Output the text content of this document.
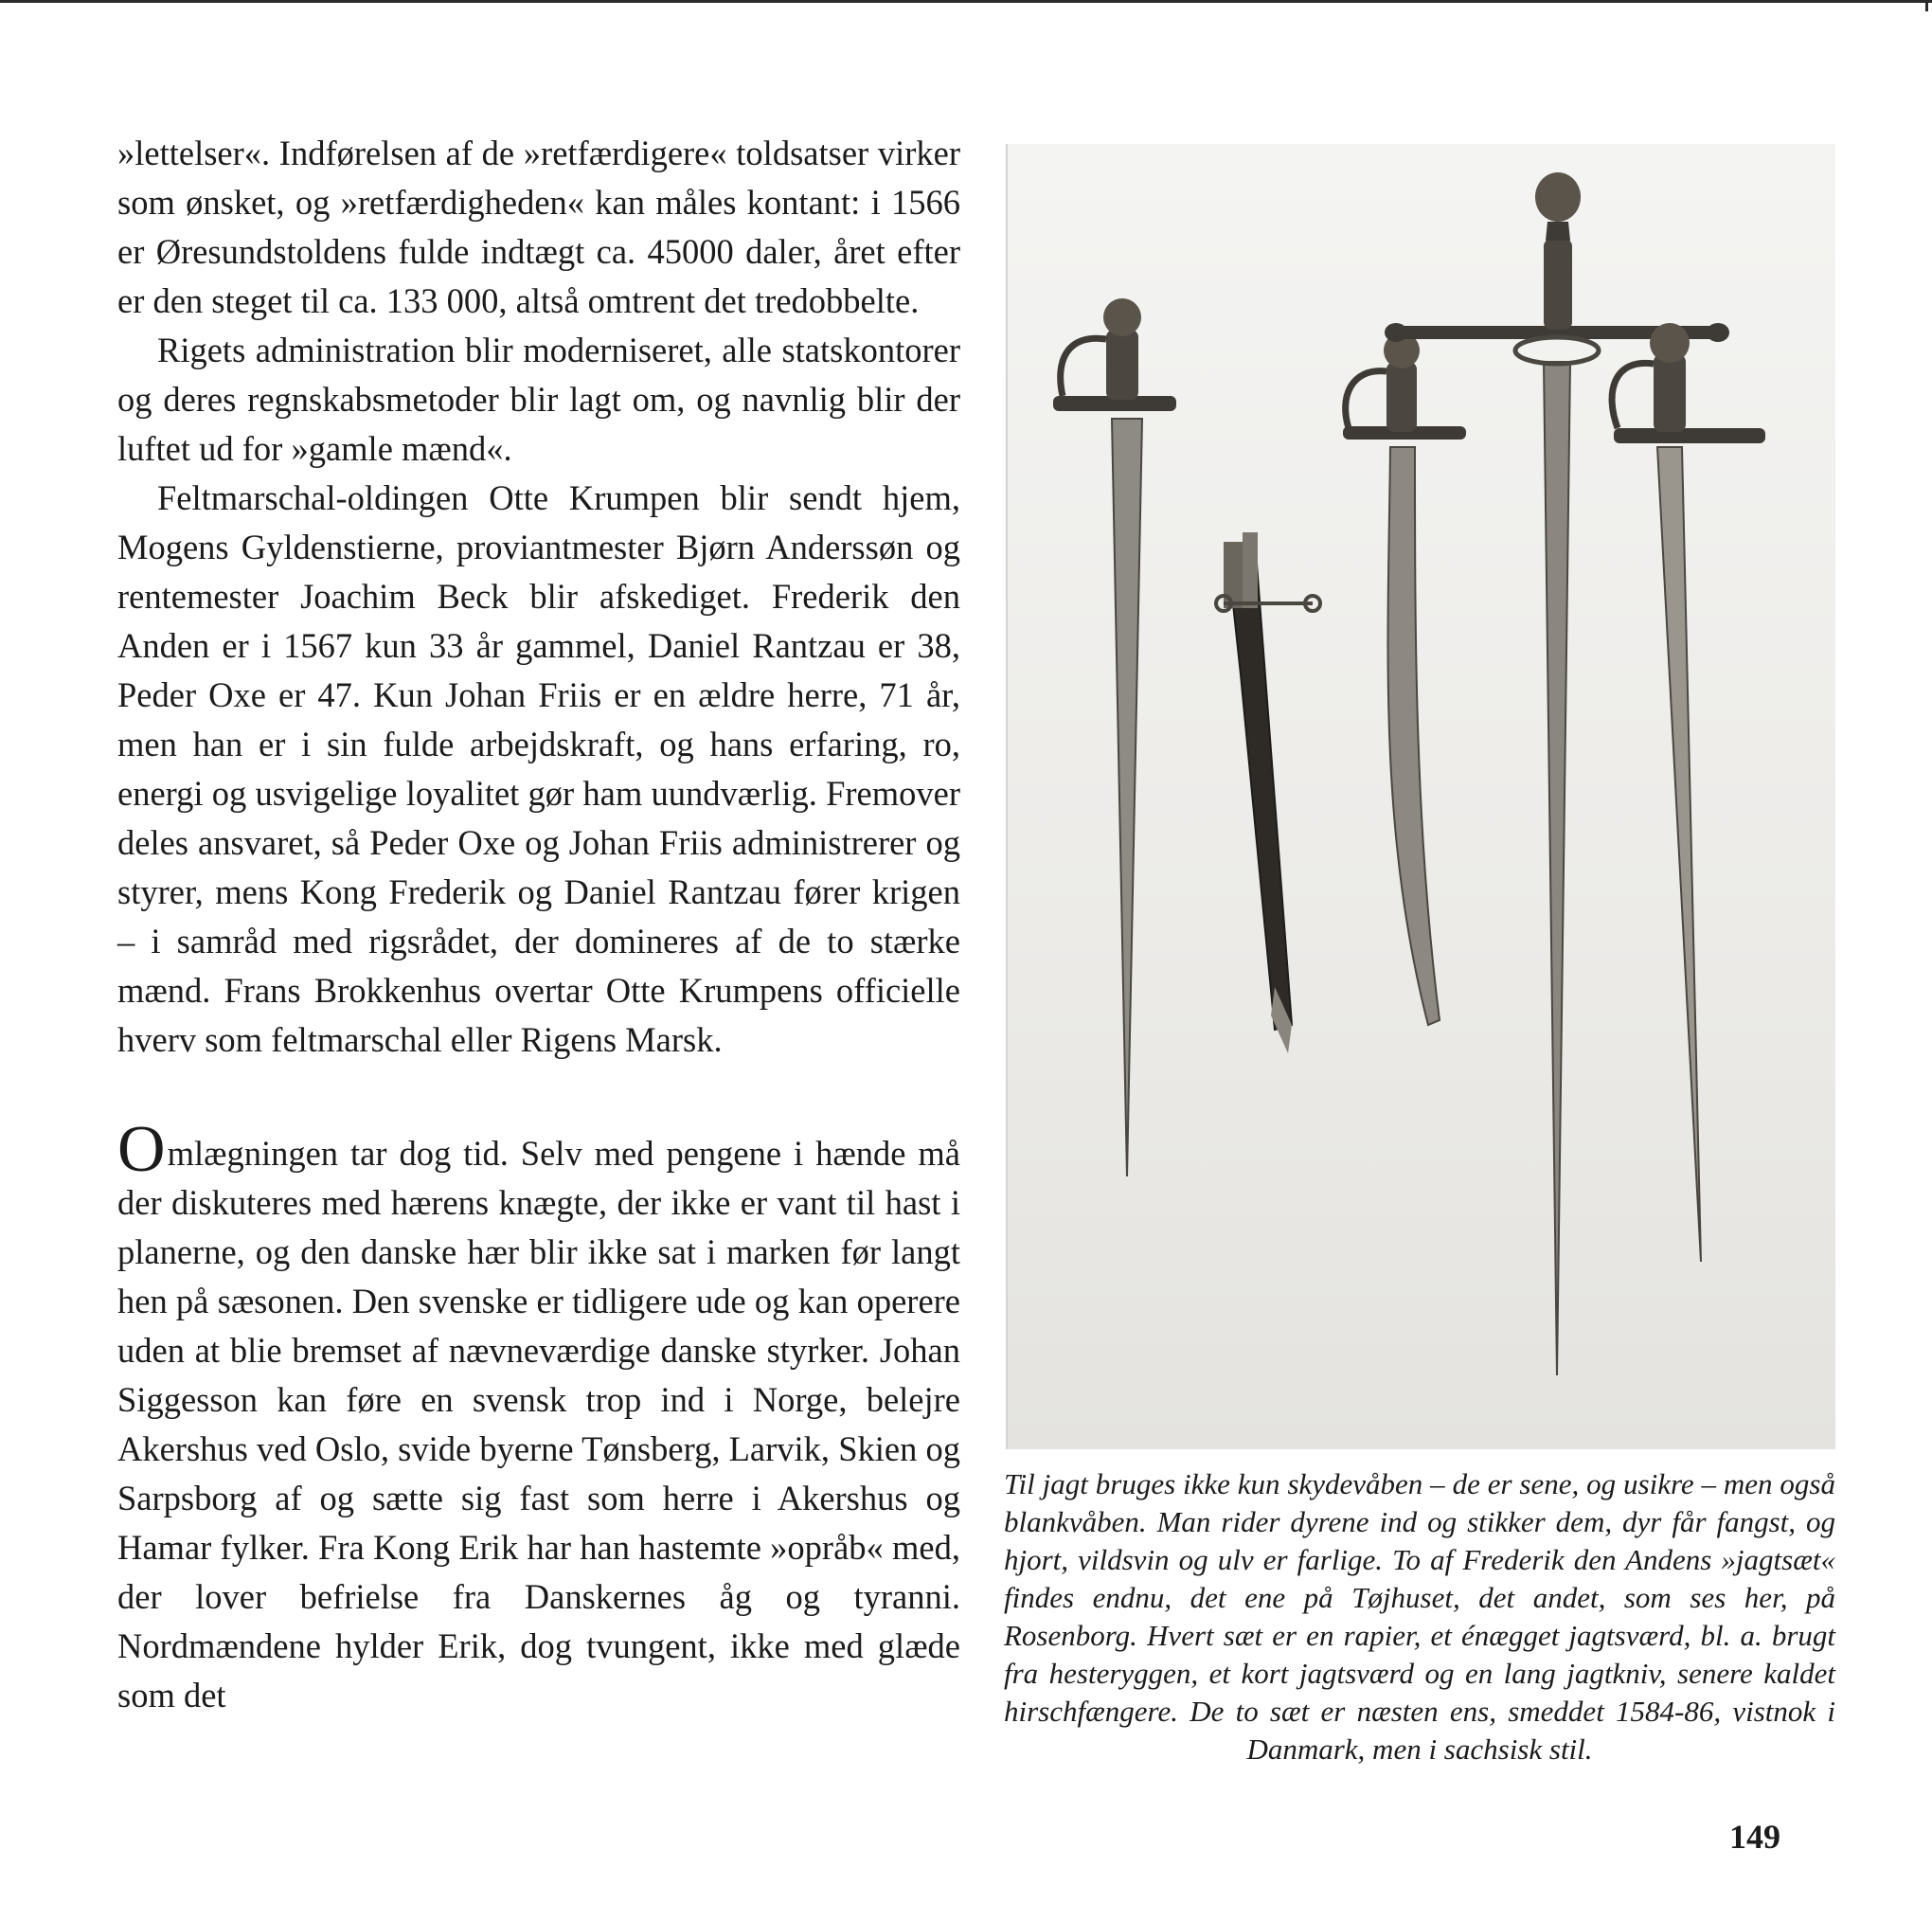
»lettelser«. Indførelsen af de »retfærdigere« toldsatser virker som ønsket, og »retfærdigheden« kan måles kontant: i 1566 er Øresundstoldens fulde indtægt ca. 45000 daler, året efter er den steget til ca. 133 000, altså omtrent det tredobbelte.

Rigets administration blir moderniseret, alle statskontorer og deres regnskabsmetoder blir lagt om, og navnlig blir der luftet ud for »gamle mænd«.

Feltmarschal-oldingen Otte Krumpen blir sendt hjem, Mogens Gyldenstierne, proviantmester Bjørn Anderssøn og rentemester Joachim Beck blir afskediget. Frederik den Anden er i 1567 kun 33 år gammel, Daniel Rantzau er 38, Peder Oxe er 47. Kun Johan Friis er en ældre herre, 71 år, men han er i sin fulde arbejdskraft, og hans erfaring, ro, energi og usvigelige loyalitet gør ham uundværlig. Fremover deles ansvaret, så Peder Oxe og Johan Friis administrerer og styrer, mens Kong Frederik og Daniel Rantzau fører krigen – i samråd med rigsrådet, der domineres af de to stærke mænd. Frans Brokkenhus overtar Otte Krumpens officielle hverv som feltmarschal eller Rigens Marsk.

Omlægningen tar dog tid. Selv med pengene i hænde må der diskuteres med hærens knægte, der ikke er vant til hast i planerne, og den danske hær blir ikke sat i marken før langt hen på sæsonen. Den svenske er tidligere ude og kan operere uden at blie bremset af nævneværdige danske styrker. Johan Siggesson kan føre en svensk trop ind i Norge, belejre Akershus ved Oslo, svide byerne Tønsberg, Larvik, Skien og Sarpsborg af og sætte sig fast som herre i Akershus og Hamar fylker. Fra Kong Erik har han hastemte »opråb« med, der lover befrielse fra Danskernes åg og tyranni. Nordmændene hylder Erik, dog tvungent, ikke med glæde som det

Til jagt bruges ikke kun skydevåben – de er sene, og usikre – men også blankvåben. Man rider dyrene ind og stikker dem, dyr får fangst, og hjort, vildsvin og ulv er farlige. To af Frederik den Andens »jagtsæt« findes endnu, det ene på Tøjhuset, det andet, som ses her, på Rosenborg. Hvert sæt er en rapier, et énægget jagtsværd, bl. a. brugt fra hesteryggen, et kort jagtsværd og en lang jagtkniv, senere kaldet hirschfængere. De to sæt er næsten ens, smeddet 1584-86, vistnok i Danmark, men i sachsisk stil.
149
